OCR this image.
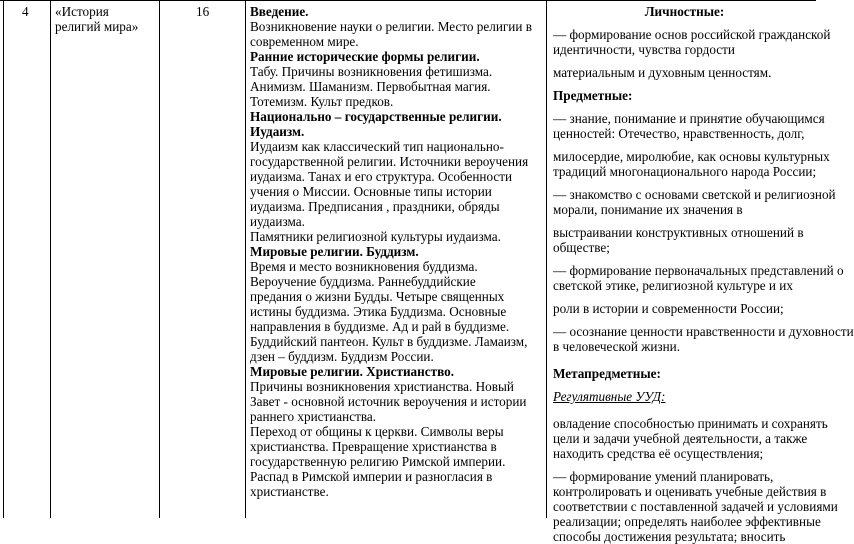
4	«История
религий мира»
16	Введение.
Возникновение науки о религии. Место религии в
современном мире.
Ранние исторические формы религии.
Табу. Причины возникновения фетишизма.
Анимизм. Шаманизм. Первобытная магия.
Тотемизм. Культ предков.
Национально – государственные религии.
Иудаизм.
Иудаизм как классический тип национально-
государственной религии. Источники вероучения
иудаизма. Танах и его структура. Особенности
учения о Миссии. Основные типы истории
иудаизма. Предписания , праздники, обряды
иудаизма.
Памятники религиозной культуры иудаизма.
Мировые религии. Буддизм.
Время и место возникновения буддизма.
Вероучение буддизма. Раннебуддийские
предания о жизни Будды. Четыре священных
истины буддизма. Этика Буддизма. Основные
направления в буддизме. Ад и рай в буддизме.
Буддийский пантеон. Культ в буддизме. Ламаизм,
дзен – буддизм. Буддизм России.
Мировые религии. Христианство.
Причины возникновения христианства. Новый
Завет - основной источник вероучения и истории
раннего христианства.
Переход от общины к церкви. Символы веры
христианства. Превращение христианства в
государственную религию Римской империи.
Распад в Римской империи и разногласия в
христианстве.
Личностные:
— формирование основ российской гражданской
идентичности, чувства гордости
материальным и духовным ценностям.
Предметные:
— знание, понимание и принятие обучающимся
ценностей: Отечество, нравственность, долг,
милосердие, миролюбие, как основы культурных
традиций многонационального народа России;
— знакомство с основами светской и религиозной
морали, понимание их значения в
выстраивании конструктивных отношений в
обществе;
— формирование первоначальных представлений о
светской этике, религиозной культуре и их
роли в истории и современности России;
— осознание ценности нравственности и духовности
в человеческой жизни.
Метапредметные:
Регулятивные УУД:
овладение способностью принимать и сохранять
цели и задачи учебной деятельности, а также
находить средства её осуществления;
— формирование умений планировать,
контролировать и оценивать учебные действия в
соответствии с поставленной задачей и условиями
реализации; определять наиболее эффективные
способы достижения результата; вносить
